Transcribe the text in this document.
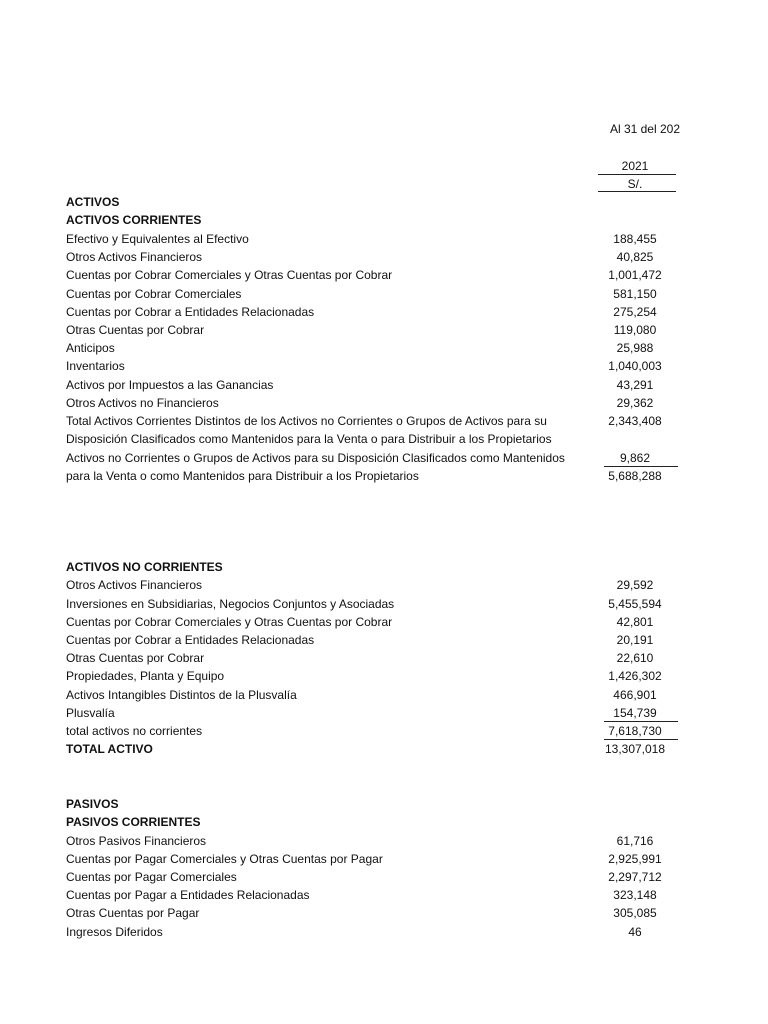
Al 31 del 202
2021
S/.
ACTIVOS
ACTIVOS CORRIENTES
Efectivo y Equivalentes al Efectivo	188,455
Otros Activos Financieros	40,825
Cuentas por Cobrar Comerciales y Otras Cuentas por Cobrar	1,001,472
Cuentas por Cobrar Comerciales	581,150
Cuentas por Cobrar a Entidades Relacionadas	275,254
Otras Cuentas por Cobrar	119,080
Anticipos	25,988
Inventarios	1,040,003
Activos por Impuestos a las Ganancias	43,291
Otros Activos no Financieros	29,362
Total Activos Corrientes Distintos de los Activos no Corrientes o Grupos de Activos para su	2,343,408
Disposición Clasificados como Mantenidos para la Venta o para Distribuir a los Propietarios
Activos no Corrientes o Grupos de Activos para su Disposición Clasificados como Mantenidos	9,862
para la Venta o como Mantenidos para Distribuir a los Propietarios	5,688,288
ACTIVOS NO CORRIENTES
Otros Activos Financieros	29,592
Inversiones en Subsidiarias, Negocios Conjuntos y Asociadas	5,455,594
Cuentas por Cobrar Comerciales y Otras Cuentas por Cobrar	42,801
Cuentas por Cobrar a Entidades Relacionadas	20,191
Otras Cuentas por Cobrar	22,610
Propiedades, Planta y Equipo	1,426,302
Activos Intangibles Distintos de la Plusvalía	466,901
Plusvalía	154,739
total activos no corrientes	7,618,730
TOTAL ACTIVO	13,307,018
PASIVOS
PASIVOS CORRIENTES
Otros Pasivos Financieros	61,716
Cuentas por Pagar Comerciales y Otras Cuentas por Pagar	2,925,991
Cuentas por Pagar Comerciales	2,297,712
Cuentas por Pagar a Entidades Relacionadas	323,148
Otras Cuentas por Pagar	305,085
Ingresos Diferidos	46
